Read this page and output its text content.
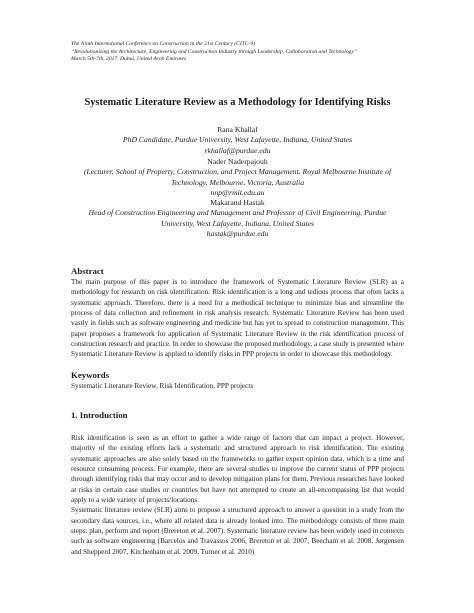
The Ninth International Conference on Construction in the 21st Century (CITC-9)
“Revolutionizing the Architecture, Engineering and Construction Industry through Leadership, Collaboration and Technology”
March 5th-7th, 2017, Dubai, United Arab Emirates
Systematic Literature Review as a Methodology for Identifying Risks
Rana Khallaf
PhD Candidate, Purdue University, West Lafayette, Indiana, United States
rkhallaf@purdue.edu
Nader Naderpajouh
(Lecturer, School of Property, Construction, and Project Management, Royal Melbourne Institute of Technology, Melbourne, Victoria, Australia
nnp@rmit.edu.au
Makarand Hastak
Head of Construction Engineering and Management and Professor of Civil Engineering, Purdue University, West Lafayette, Indiana, United States
hastak@purdue.edu
Abstract
The main purpose of this paper is to introduce the framework of Systematic Literature Review (SLR) as a methodology for research on risk identification. Risk identification is a long and tedious process that often lacks a systematic approach. Therefore, there is a need for a methodical technique to minimize bias and streamline the process of data collection and refinement in risk analysis research. Systematic Literature Review has been used vastly in fields such as software engineering and medicine but has yet to spread to construction management. This paper proposes a framework for application of Systematic Literature Review in the risk identification process of construction research and practice. In order to showcase the proposed methodology, a case study is presented where Systematic Literature Review is applied to identify risks in PPP projects in order to showcase this methodology.
Keywords
Systematic Literature Review, Risk Identification, PPP projects
1. Introduction

Risk identification is seen as an effort to gather a wide range of factors that can impact a project. However, majority of the existing efforts lack a systematic and structured approach to risk identification. The existing systematic approaches are also solely based on the frameworks to gather expert opinion data, which is a time and resource consuming process. For example, there are several studies to improve the current status of PPP projects through identifying risks that may occur and to develop mitigation plans for them. Previous researches have looked at risks in certain case studies or countries but have not attempted to create an all-encompassing list that would apply to a wide variety of projects/locations.

Systematic literature review (SLR) aims to propose a structured approach to answer a question in a study from the secondary data sources, i.e., where all related data is already looked into. The methodology consists of three main steps: plan, perform and report (Brereton et al. 2007). Systematic literature review has been widely used in contexts such as software engineering (Barcelos and Travassos 2006, Brereton et al. 2007, Beecham et al. 2008, Jørgensen and Shepperd 2007, Kitchenham et al. 2009, Turner et al. 2010)
